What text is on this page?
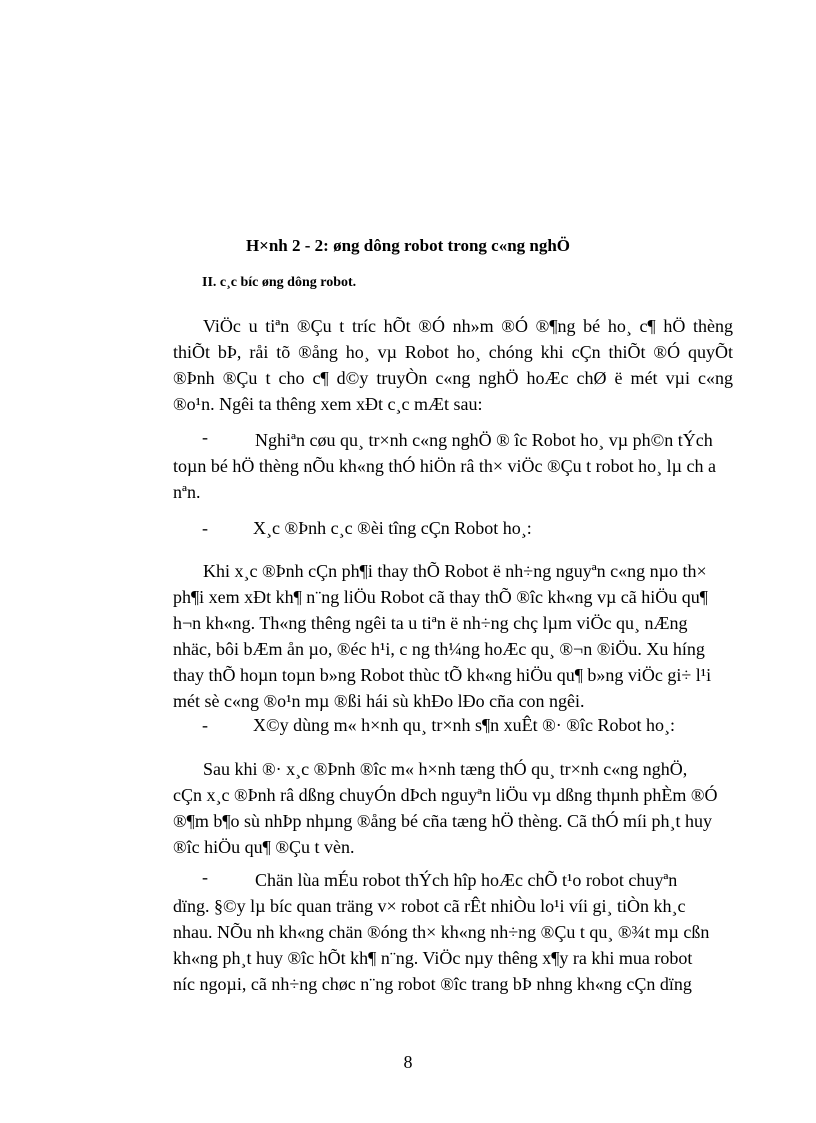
H×nh 2 - 2: øng dông robot trong c«ng nghÖ
II. c¸c bíc øng dông robot.
ViÖc u tiªn ®Çu t tríc hÕt ®Ó nh»m ®Ó ®¶ng bé ho¸ c¶ hÖ thèng
thiÕt bÞ, råi tõ ®ång ho¸ vµ Robot ho¸ chóng khi cÇn thiÕt ®Ó quyÕt
®Þnh ®Çu t cho c¶ d©y truyÒn c«ng nghÖ hoÆc chØ ë mét vµi c«ng
®o¹n. Ngêi ta thêng xem xÐt c¸c mÆt sau:
-	Nghiªn cøu qu¸ tr×nh c«ng nghÖ ® îc Robot ho¸ vµ ph©n tÝch
toµn bé hÖ thèng nÕu kh«ng thÓ hiÖn râ th× viÖc ®Çu t robot ho¸ lµ ch a
nªn.
-	X¸c ®Þnh c¸c ®èi tîng cÇn Robot ho¸:
Khi x¸c ®Þnh cÇn ph¶i thay thÕ Robot ë nh÷ng nguyªn c«ng nµo th×
ph¶i xem xÐt kh¶ n¨ng liÖu Robot cã thay thÕ ®îc kh«ng vµ cã hiÖu qu¶
h¬n kh«ng. Th«ng thêng ngêi ta u tiªn ë nh÷ng chç lµm viÖc qu¸ nÆng
nhäc, bôi bÆm ån µo, ®éc h¹i, c ng th¼ng hoÆc qu¸ ®¬n ®iÖu. Xu híng
thay thÕ hoµn toµn b»ng Robot thùc tÕ kh«ng hiÖu qu¶ b»ng viÖc gi÷ l¹i
mét sè c«ng ®o¹n mµ ®ßi hái sù khÐo lÐo cña con ngêi.
-	X©y dùng m« h×nh qu¸ tr×nh s¶n xuÊt ®· ®îc Robot ho¸:
Sau khi ®· x¸c ®Þnh ®îc m« h×nh tæng thÓ qu¸ tr×nh c«ng nghÖ,
cÇn x¸c ®Þnh râ dßng chuyÓn dÞch nguyªn liÖu vµ dßng thµnh phÈm ®Ó
®¶m b¶o sù nhÞp nhµng ®ång bé cña tæng hÖ thèng. Cã thÓ míi ph¸t huy
®îc hiÖu qu¶ ®Çu t vèn.
-	Chän lùa mÉu robot thÝch hîp hoÆc chÕ t¹o robot chuyªn
dïng. §©y lµ bíc quan träng v× robot cã rÊt nhiÒu lo¹i víi gi¸ tiÒn kh¸c
nhau. NÕu nh kh«ng chän ®óng th× kh«ng nh÷ng ®Çu t qu¸ ®¾t mµ cßn
kh«ng ph¸t huy ®îc hÕt kh¶ n¨ng. ViÖc nµy thêng x¶y ra khi mua robot
níc ngoµi, cã nh÷ng chøc n¨ng robot ®îc trang bÞ nhng kh«ng cÇn dïng
8
